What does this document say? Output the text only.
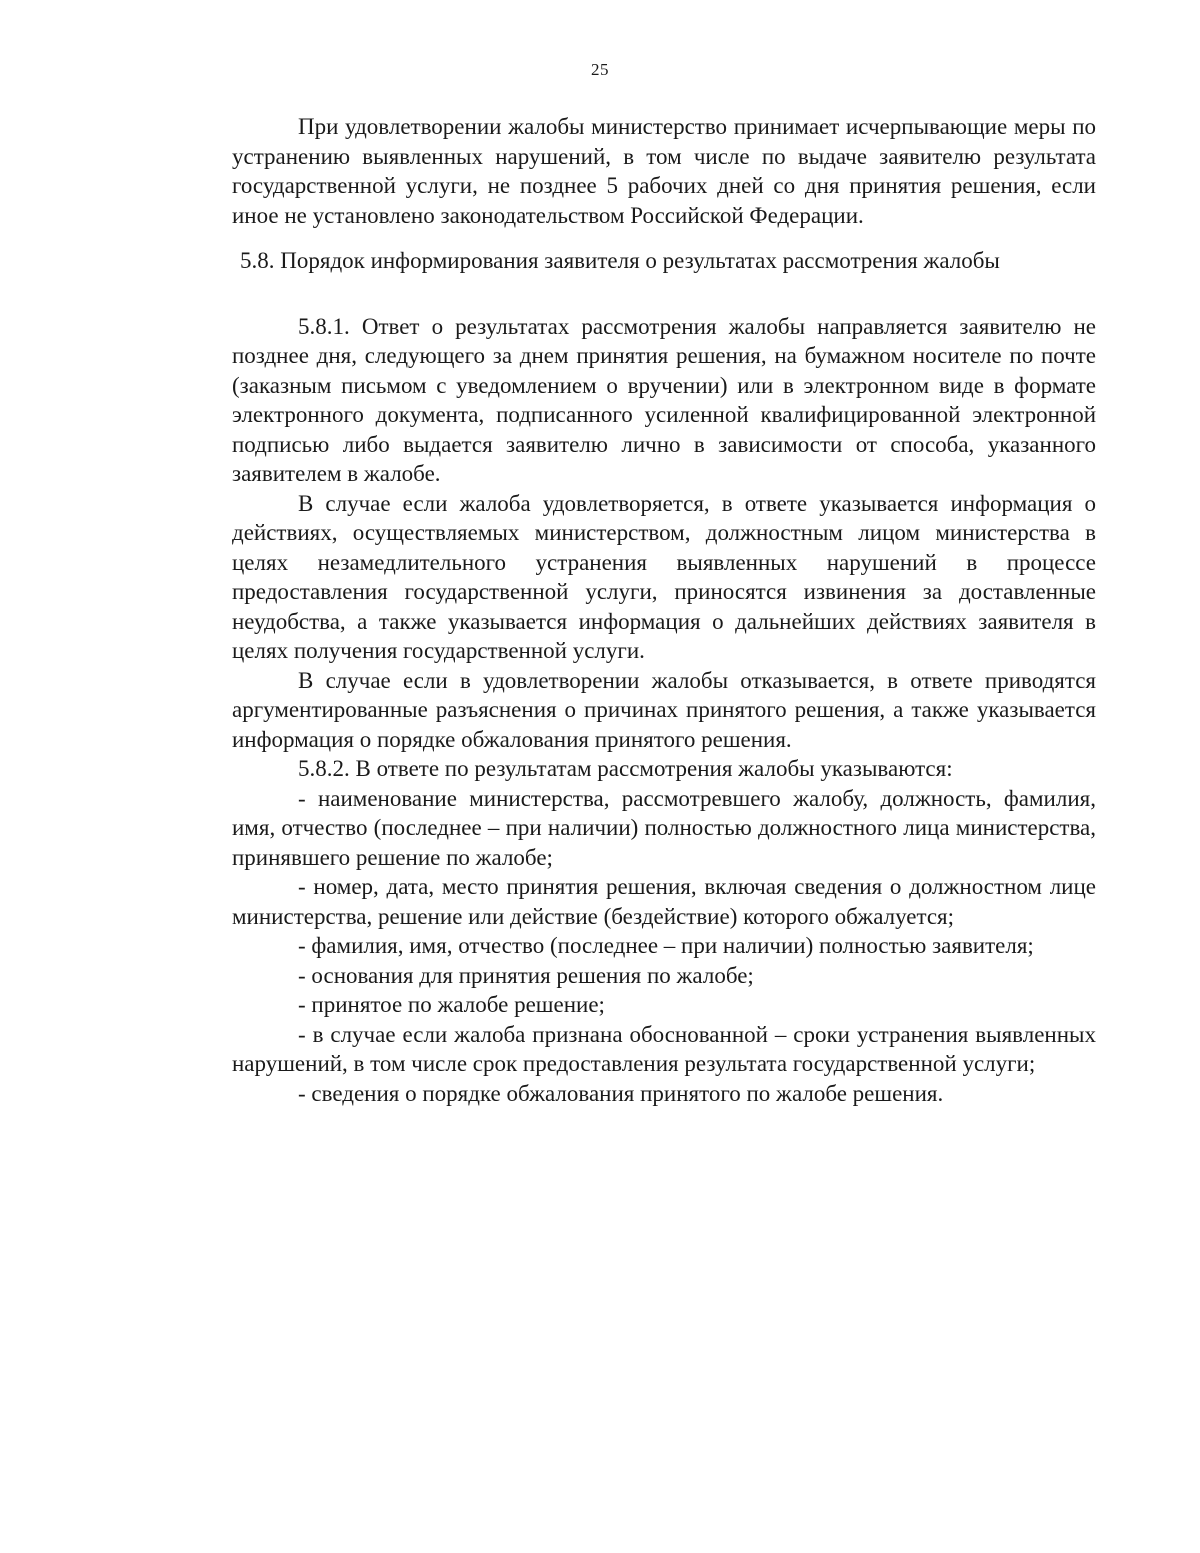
25

При удовлетворении жалобы министерство принимает исчерпывающие меры по устранению выявленных нарушений, в том числе по выдаче заявителю результата государственной услуги, не позднее 5 рабочих дней со дня принятия решения, если иное не установлено законодательством Российской Федерации.

5.8. Порядок информирования заявителя о результатах рассмотрения жалобы

5.8.1. Ответ о результатах рассмотрения жалобы направляется заявителю не позднее дня, следующего за днем принятия решения, на бумажном носителе по почте (заказным письмом с уведомлением о вручении) или в электронном виде в формате электронного документа, подписанного усиленной квалифицированной электронной подписью либо выдается заявителю лично в зависимости от способа, указанного заявителем в жалобе.

В случае если жалоба удовлетворяется, в ответе указывается информация о действиях, осуществляемых министерством, должностным лицом министерства в целях незамедлительного устранения выявленных нарушений в процессе предоставления государственной услуги, приносятся извинения за доставленные неудобства, а также указывается информация о дальнейших действиях заявителя в целях получения государственной услуги.

В случае если в удовлетворении жалобы отказывается, в ответе приводятся аргументированные разъяснения о причинах принятого решения, а также указывается информация о порядке обжалования принятого решения.

5.8.2. В ответе по результатам рассмотрения жалобы указываются:

- наименование министерства, рассмотревшего жалобу, должность, фамилия, имя, отчество (последнее – при наличии) полностью должностного лица министерства, принявшего решение по жалобе;

- номер, дата, место принятия решения, включая сведения о должностном лице министерства, решение или действие (бездействие) которого обжалуется;

- фамилия, имя, отчество (последнее – при наличии) полностью заявителя;

- основания для принятия решения по жалобе;

- принятое по жалобе решение;

- в случае если жалоба признана обоснованной – сроки устранения выявленных нарушений, в том числе срок предоставления результата государственной услуги;

- сведения о порядке обжалования принятого по жалобе решения.
